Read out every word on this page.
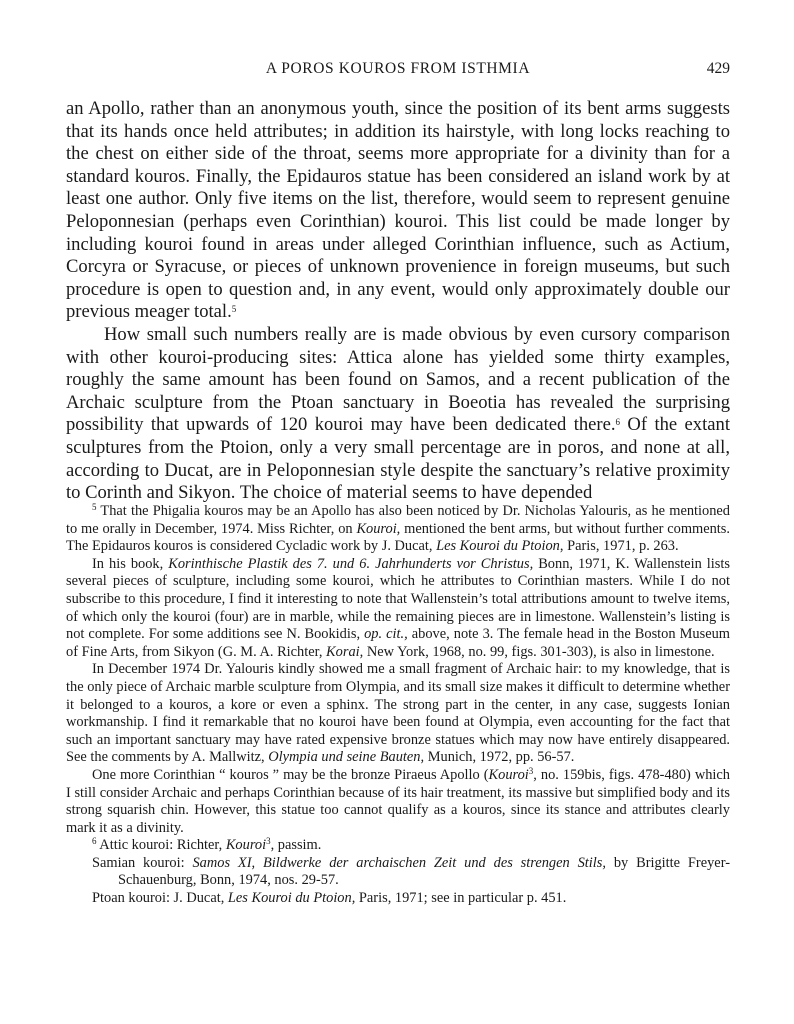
A POROS KOUROS FROM ISTHMIA	429

an Apollo, rather than an anonymous youth, since the position of its bent arms suggests that its hands once held attributes; in addition its hairstyle, with long locks reaching to the chest on either side of the throat, seems more appropriate for a divinity than for a standard kouros. Finally, the Epidauros statue has been considered an island work by at least one author. Only five items on the list, therefore, would seem to represent genuine Peloponnesian (perhaps even Corinthian) kouroi. This list could be made longer by including kouroi found in areas under alleged Corinthian influence, such as Actium, Corcyra or Syracuse, or pieces of unknown provenience in foreign museums, but such procedure is open to question and, in any event, would only approximately double our previous meager total.$^5$

How small such numbers really are is made obvious by even cursory comparison with other kouroi-producing sites: Attica alone has yielded some thirty examples, roughly the same amount has been found on Samos, and a recent publication of the Archaic sculpture from the Ptoan sanctuary in Boeotia has revealed the surprising possibility that upwards of 120 kouroi may have been dedicated there.$^6$ Of the extant sculptures from the Ptoion, only a very small percentage are in poros, and none at all, according to Ducat, are in Peloponnesian style despite the sanctuary’s relative proximity to Corinth and Sikyon. The choice of material seems to have depended

$^5$ That the Phigalia kouros may be an Apollo has also been noticed by Dr. Nicholas Yalouris, as he mentioned to me orally in December, 1974. Miss Richter, on Kouroi, mentioned the bent arms, but without further comments. The Epidauros kouros is considered Cycladic work by J. Ducat, Les Kouroi du Ptoion, Paris, 1971, p. 263.

In his book, Korinthische Plastik des 7. und 6. Jahrhunderts vor Christus, Bonn, 1971, K. Wallenstein lists several pieces of sculpture, including some kouroi, which he attributes to Corinthian masters. While I do not subscribe to this procedure, I find it interesting to note that Wallenstein’s total attributions amount to twelve items, of which only the kouroi (four) are in marble, while the remaining pieces are in limestone. Wallenstein’s listing is not complete. For some additions see N. Bookidis, op. cit., above, note 3. The female head in the Boston Museum of Fine Arts, from Sikyon (G. M. A. Richter, Korai, New York, 1968, no. 99, figs. 301-303), is also in limestone.

In December 1974 Dr. Yalouris kindly showed me a small fragment of Archaic hair: to my knowledge, that is the only piece of Archaic marble sculpture from Olympia, and its small size makes it difficult to determine whether it belonged to a kouros, a kore or even a sphinx. The strong part in the center, in any case, suggests Ionian workmanship. I find it remarkable that no kouroi have been found at Olympia, even accounting for the fact that such an important sanctuary may have rated expensive bronze statues which may now have entirely disappeared. See the comments by A. Mallwitz, Olympia und seine Bauten, Munich, 1972, pp. 56-57.

One more Corinthian “ kouros ” may be the bronze Piraeus Apollo (Kouroi$^3$, no. 159bis, figs. 478-480) which I still consider Archaic and perhaps Corinthian because of its hair treatment, its massive but simplified body and its strong squarish chin. However, this statue too cannot qualify as a kouros, since its stance and attributes clearly mark it as a divinity.

$^6$ Attic kouroi: Richter, Kouroi$^3$, passim.

Samian kouroi: Samos XI, Bildwerke der archaischen Zeit und des strengen Stils, by Brigitte Freyer-Schauenburg, Bonn, 1974, nos. 29-57.

Ptoan kouroi: J. Ducat, Les Kouroi du Ptoion, Paris, 1971; see in particular p. 451.
